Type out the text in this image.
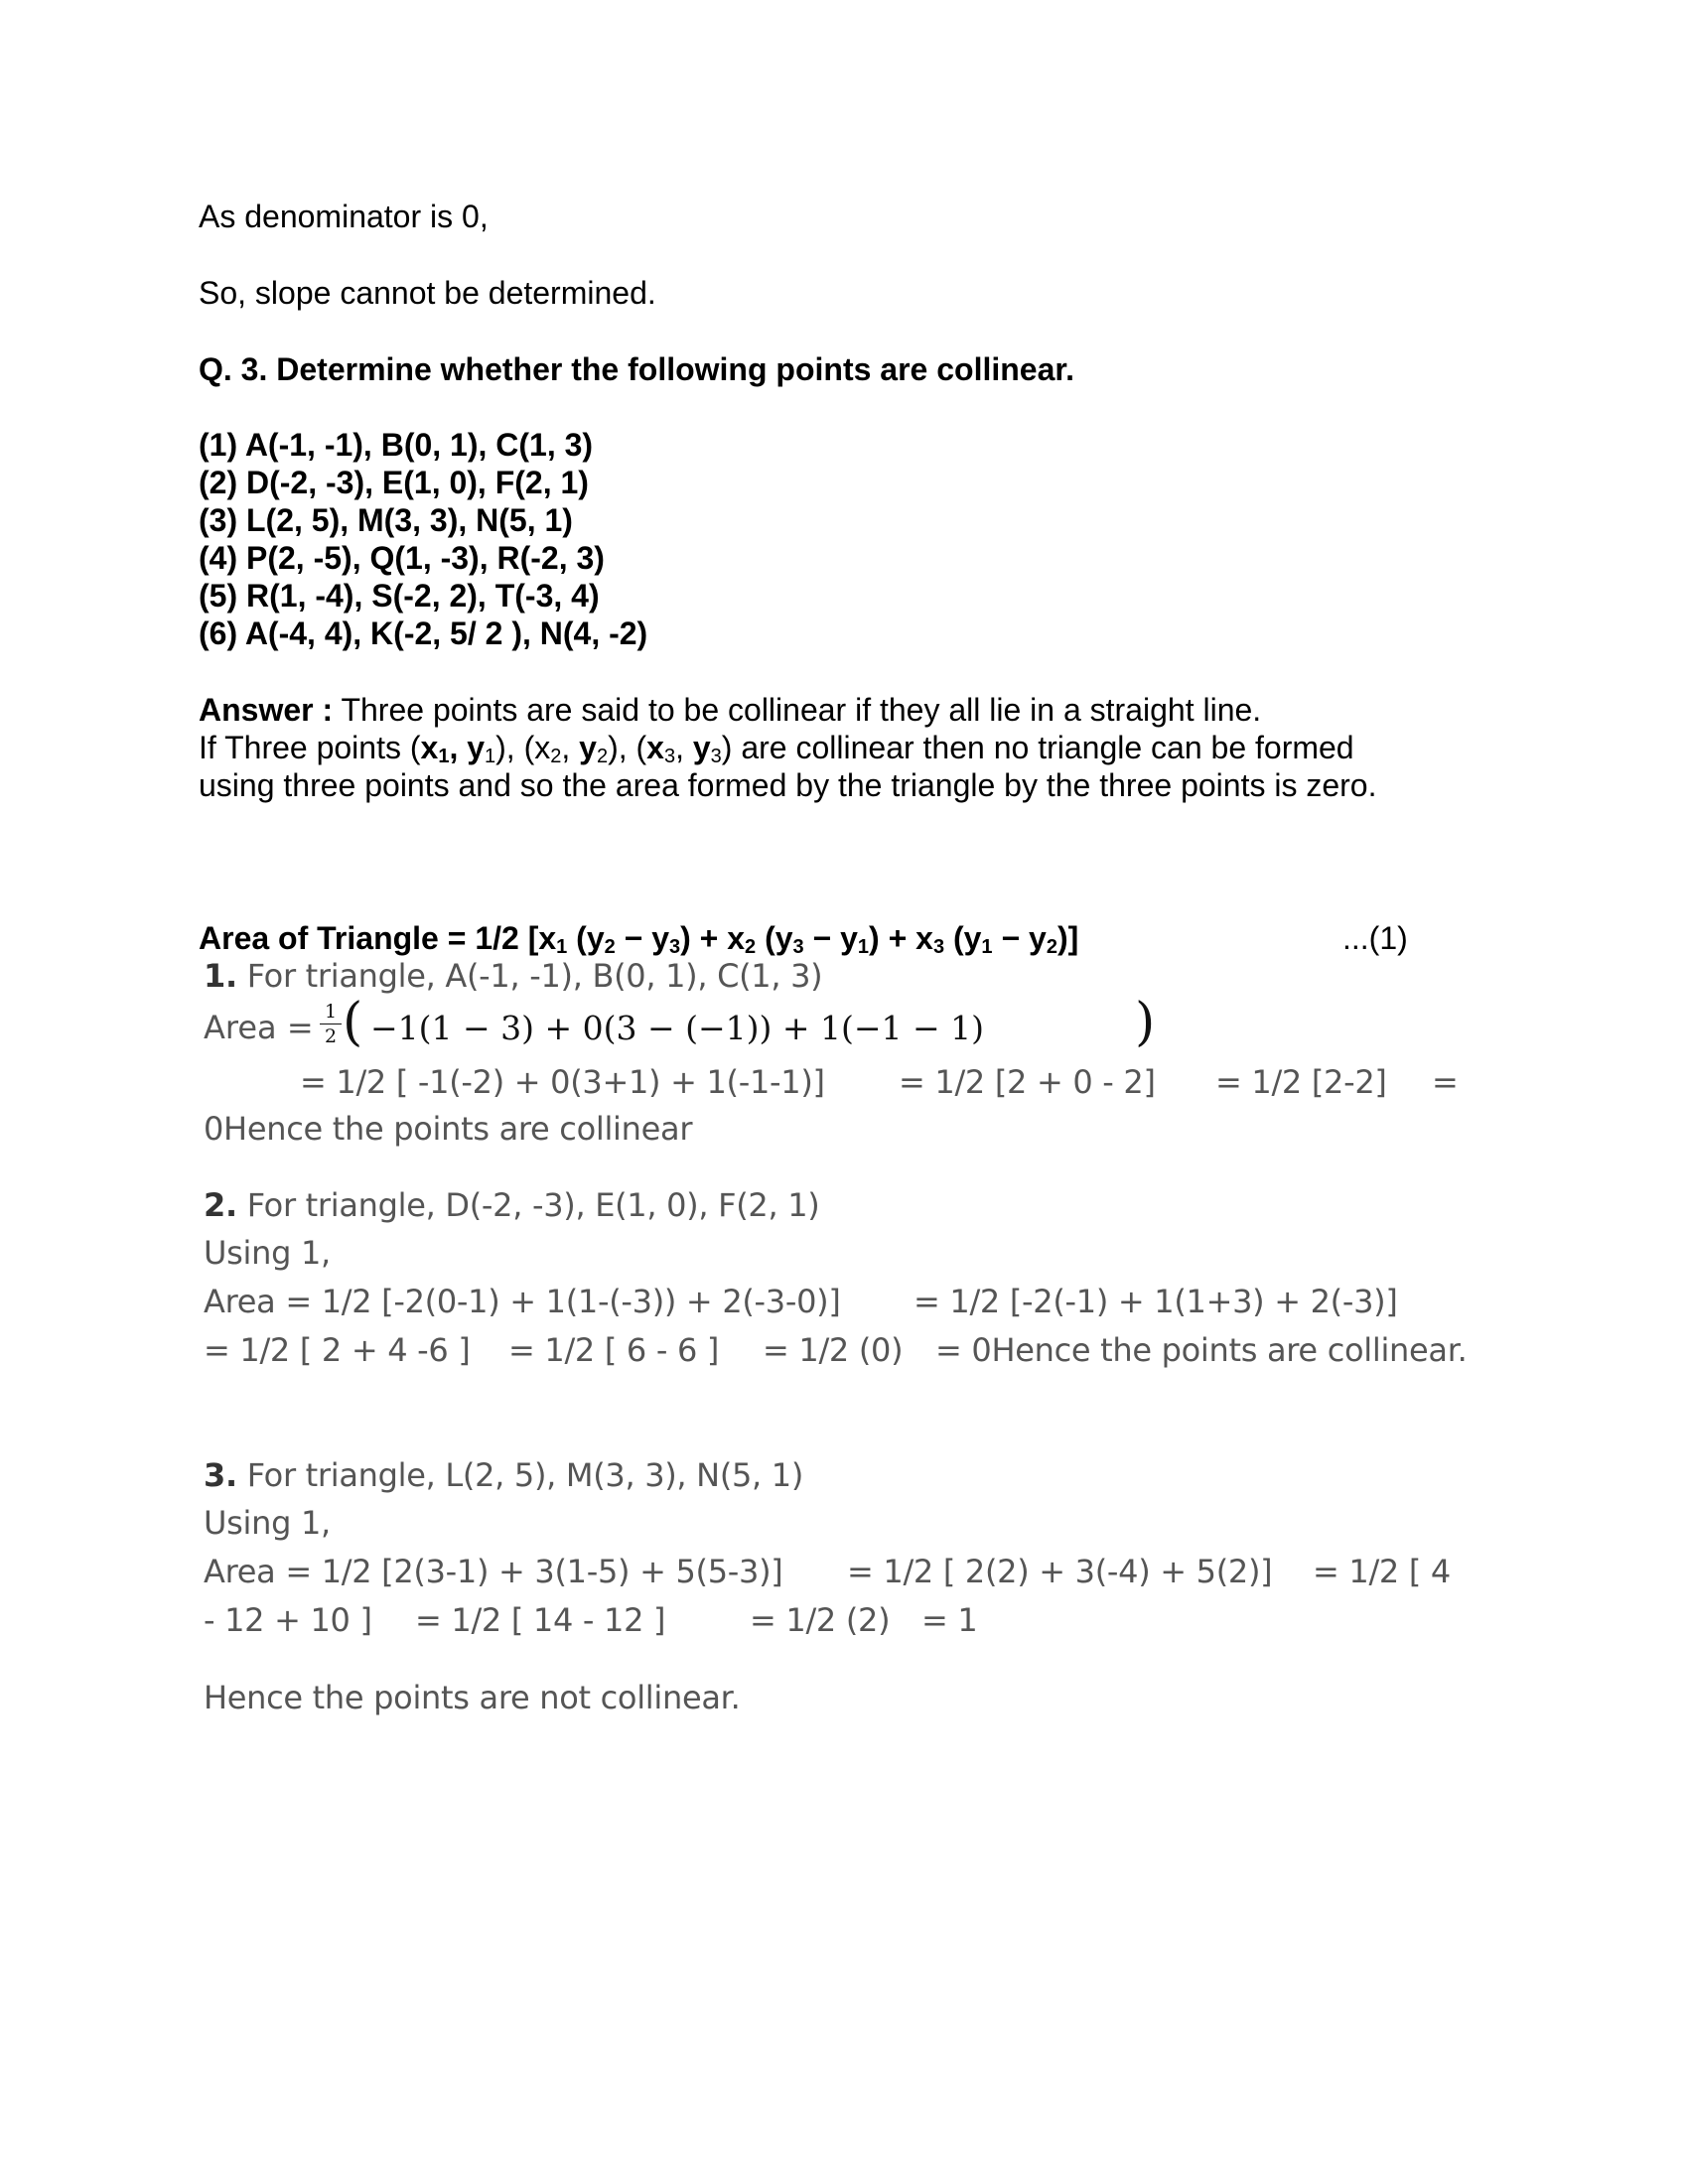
As denominator is 0,
So, slope cannot be determined.
Q. 3. Determine whether the following points are collinear.
(1) A(-1, -1), B(0, 1), C(1, 3)
(2) D(-2, -3), E(1, 0), F(2, 1)
(3) L(2, 5), M(3, 3), N(5, 1)
(4) P(2, -5), Q(1, -3), R(-2, 3)
(5) R(1, -4), S(-2, 2), T(-3, 4)
(6) A(-4, 4), K(-2, 5/ 2 ), N(4, -2)
Answer : Three points are said to be collinear if they all lie in a straight line.
If Three points ($x_1$, $y_1$), ($x_2$, $y_2$), ($x_3$, $y_3$) are collinear then no triangle can be formed
using three points and so the area formed by the triangle by the three points is zero.
Area of Triangle = 1/2 [$x_1$ $(y_2 - y_3) + x_2$ $(y_3 - y_1) + x_3$ $(y_1 - y_2)$]	...(1)
1. For triangle, A(-1, -1), B(0, 1), C(1, 3)
Area = 1
2 ( −1(1 − 3) + 0(3 − (−1)) + 1(−1 − 1)	)
= 1/2 [ -1(-2) + 0(3+1) + 1(-1-1)] = 1/2 [2 + 0 - 2] = 1/2 [2-2] =
0Hence the points are collinear
2. For triangle, D(-2, -3), E(1, 0), F(2, 1)
Using 1,
Area = 1/2 [-2(0-1) + 1(1-(-3)) + 2(-3-0)] = 1/2 [-2(-1) + 1(1+3) + 2(-3)]
= 1/2 [ 2 + 4 -6 ] = 1/2 [ 6 - 6 ] = 1/2 (0) = 0Hence the points are collinear.
3. For triangle, L(2, 5), M(3, 3), N(5, 1)
Using 1,
Area = 1/2 [2(3-1) + 3(1-5) + 5(5-3)] = 1/2 [ 2(2) + 3(-4) + 5(2)] = 1/2 [ 4
- 12 + 10 ] = 1/2 [ 14 - 12 ]	= 1/2 (2) = 1
Hence the points are not collinear.
